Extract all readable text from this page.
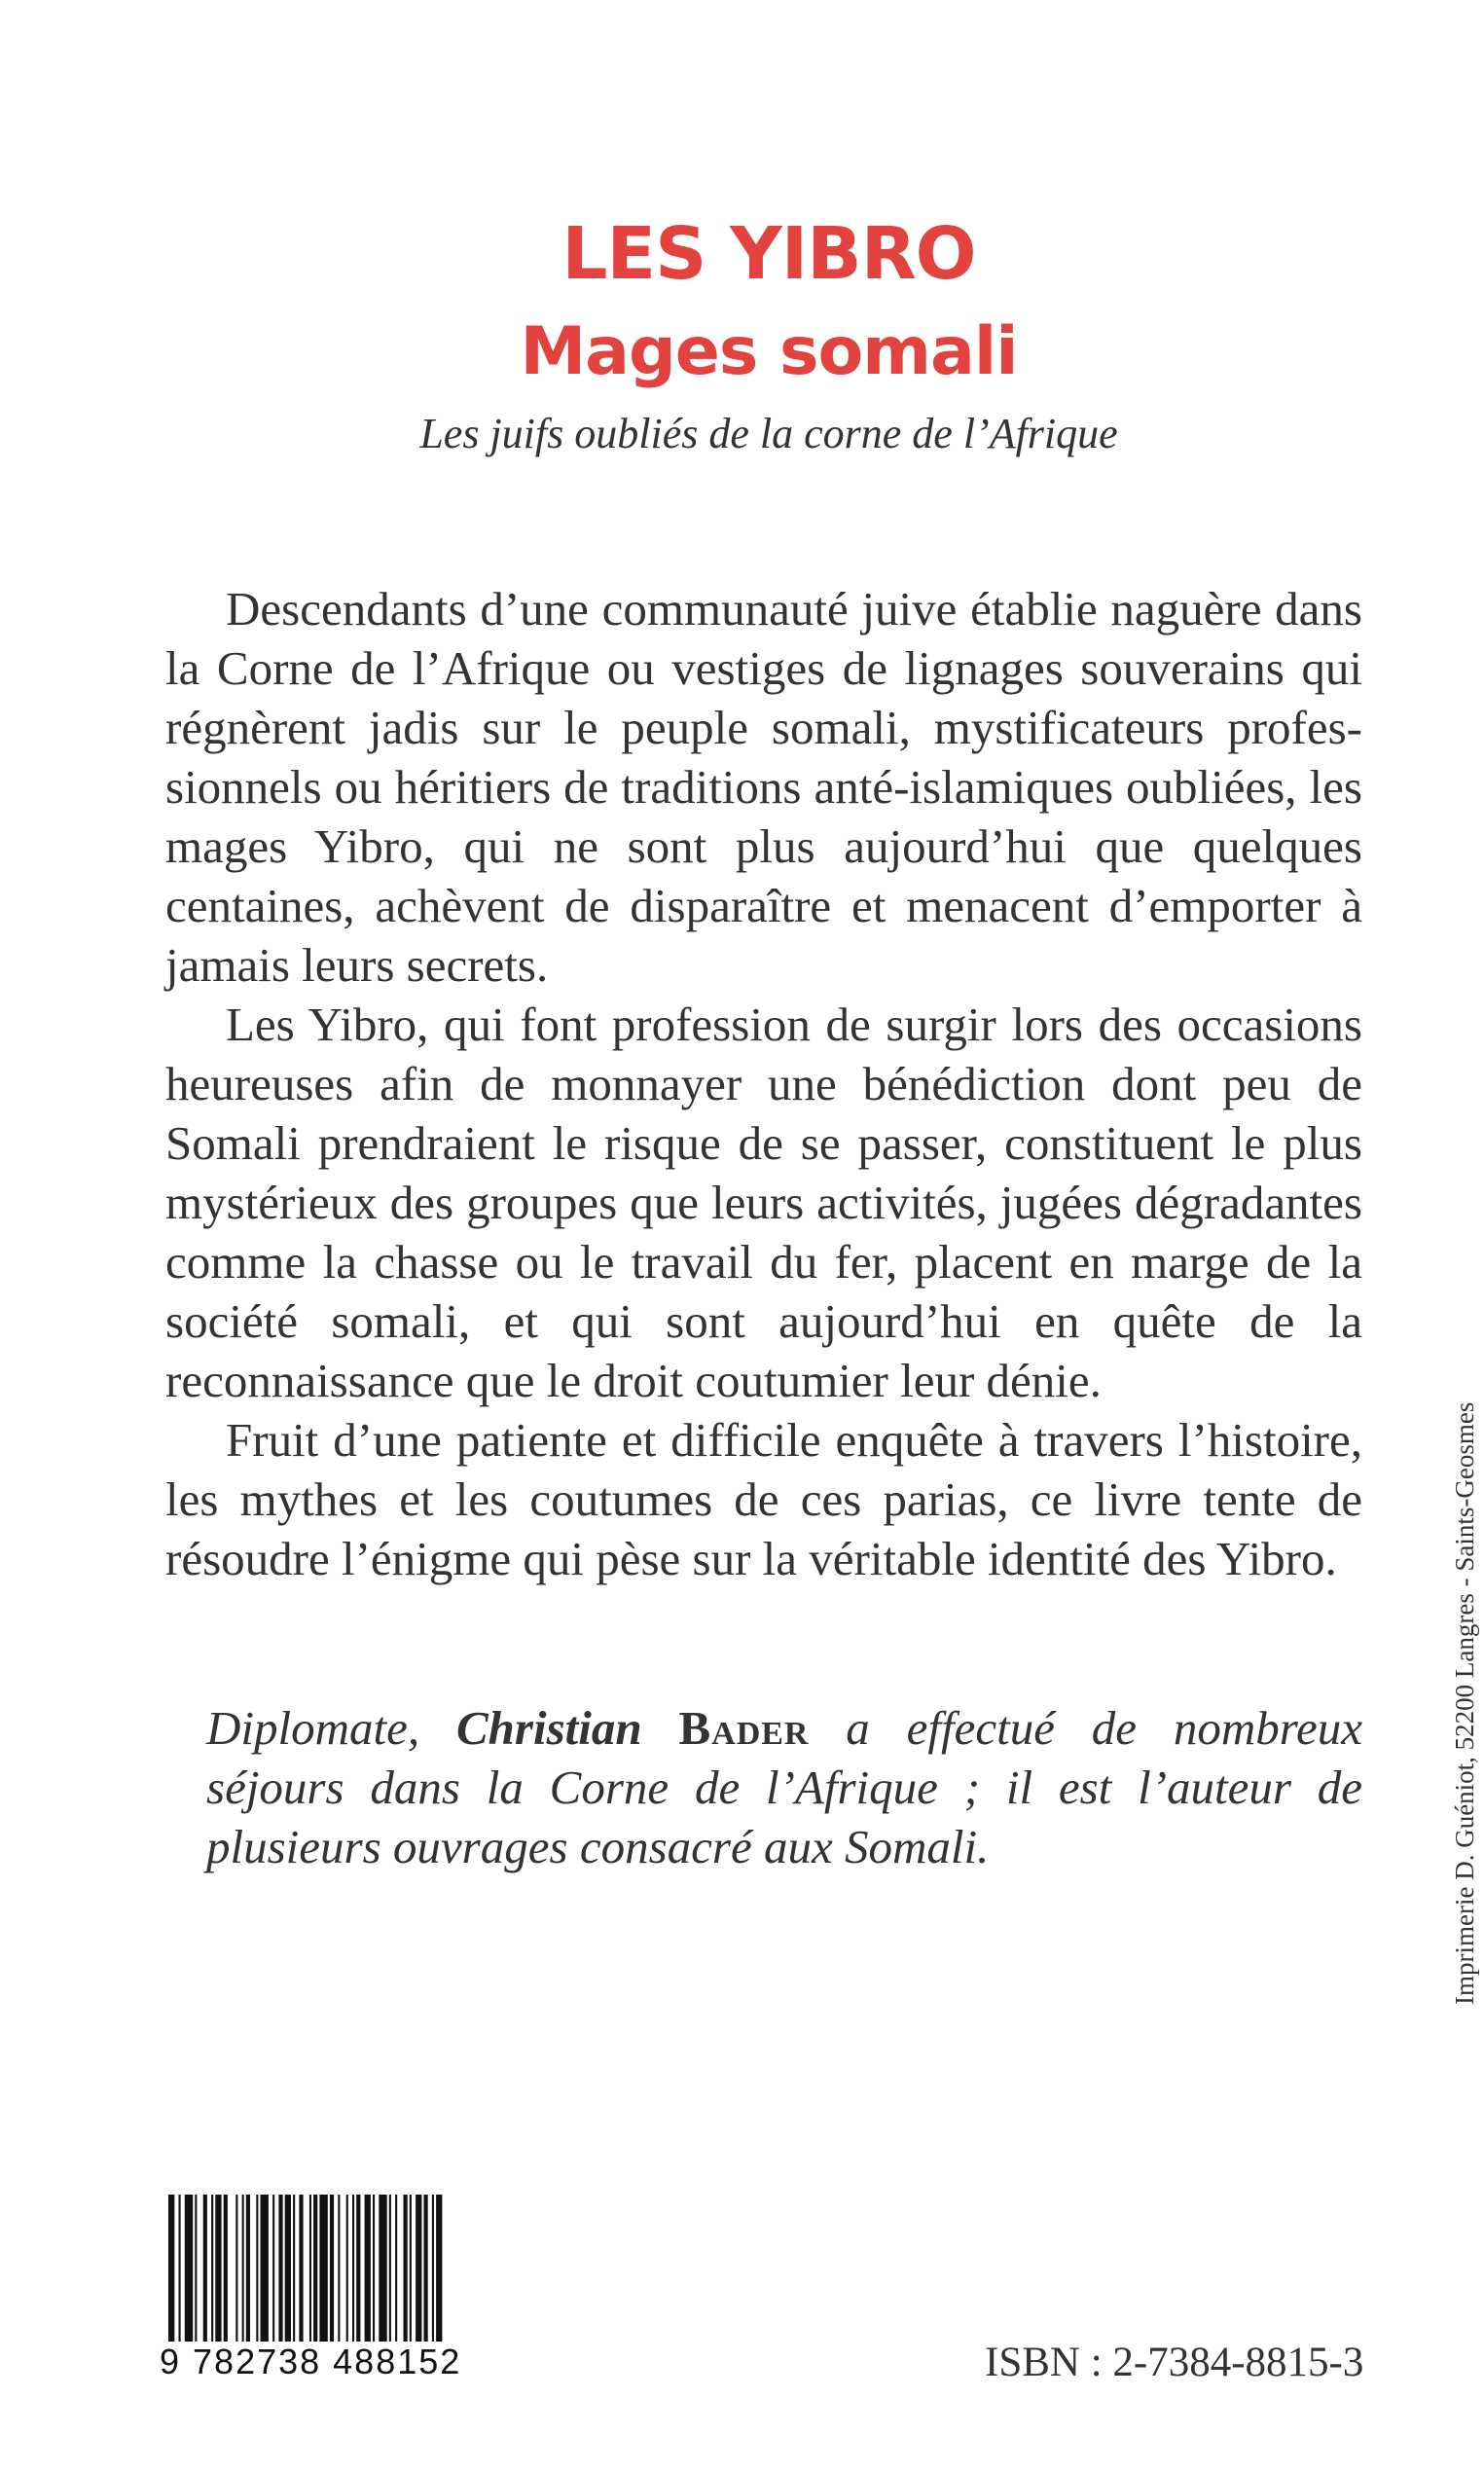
LES YIBRO
Mages somali
Les juifs oubliés de la corne de l’Afrique

Descendants d’une communauté juive établie naguère dans la Corne de l’Afrique ou vestiges de lignages souverains qui régnèrent jadis sur le peuple somali, mystificateurs professionnels ou héritiers de traditions anté-islamiques oubliées, les mages Yibro, qui ne sont plus aujourd’hui que quelques centaines, achèvent de disparaître et menacent d’emporter à jamais leurs secrets.

Les Yibro, qui font profession de surgir lors des occasions heureuses afin de monnayer une bénédiction dont peu de Somali prendraient le risque de se passer, constituent le plus mystérieux des groupes que leurs activités, jugées dégradantes comme la chasse ou le travail du fer, placent en marge de la société somali, et qui sont aujourd’hui en quête de la reconnaissance que le droit coutumier leur dénie.

Fruit d’une patiente et difficile enquête à travers l’histoire, les mythes et les coutumes de ces parias, ce livre tente de résoudre l’énigme qui pèse sur la véritable identité des Yibro.

Diplomate, Christian Bader a effectué de nombreux séjours dans la Corne de l’Afrique ; il est l’auteur de plusieurs ouvrages consacré aux Somali.	Imprimerie D. Guéniot, 52200 Langres - Saints-Geosmes
9 782738 488152	ISBN : 2-7384-8815-3
